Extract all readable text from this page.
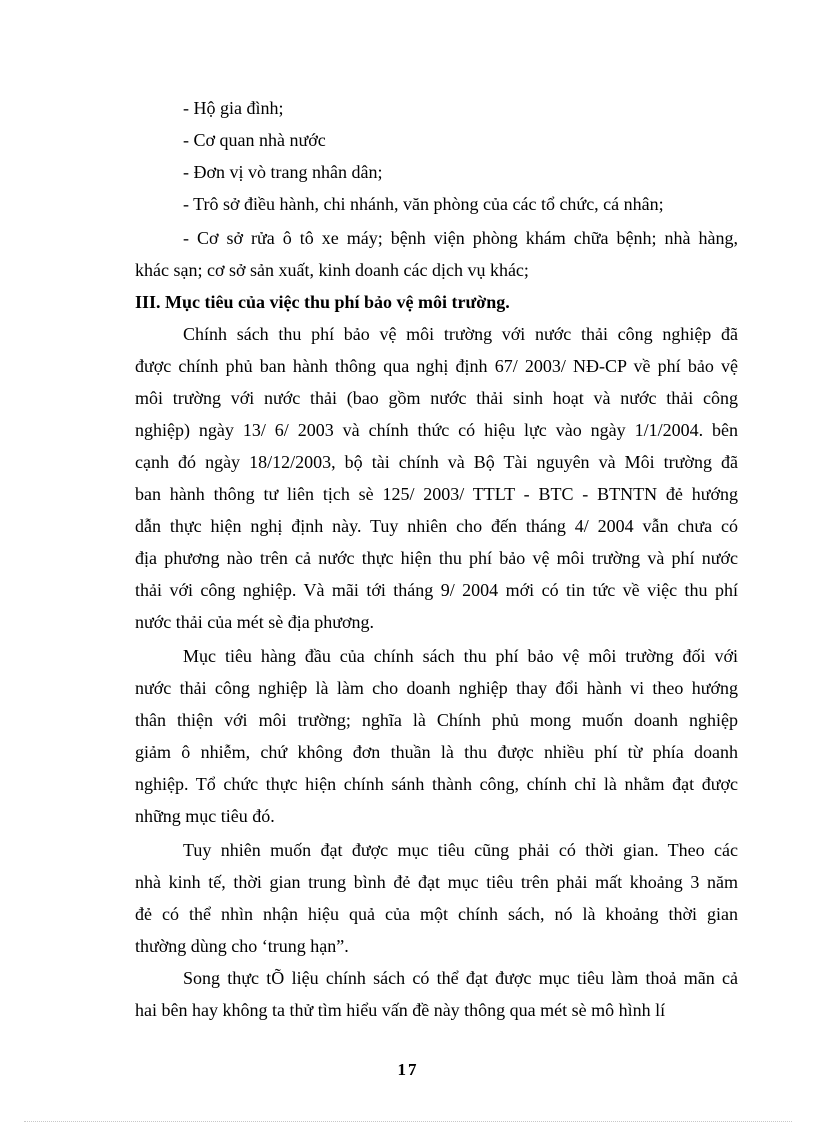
- Hộ gia đình;
- Cơ quan nhà nước
- Đơn vị vò trang nhân dân;
- Trô sở điều hành, chi nhánh, văn phòng của các tổ chức, cá nhân;
- Cơ sở rửa ô tô xe máy; bệnh viện phòng khám chữa bệnh; nhà hàng,
khác sạn; cơ sở sản xuất, kinh doanh các dịch vụ khác;
III. Mục tiêu của việc thu phí bảo vệ môi trường.
Chính sách thu phí bảo vệ môi trường với nước thải công nghiệp đã
được chính phủ ban hành thông qua nghị định 67/ 2003/ NĐ-CP về phí bảo vệ
môi trường với nước thải (bao gồm nước thải sinh hoạt và nước thải công
nghiệp) ngày 13/ 6/ 2003 và chính thức có hiệu lực vào ngày 1/1/2004. bên
cạnh đó ngày 18/12/2003, bộ tài chính và Bộ Tài nguyên và Môi trường đã
ban hành thông tư liên tịch sè 125/ 2003/ TTLT - BTC - BTNTN đẻ hướng
dẫn thực hiện nghị định này. Tuy nhiên cho đến tháng 4/ 2004 vẫn chưa có
địa phương nào trên cả nước thực hiện thu phí bảo vệ môi trường và phí nước
thải với công nghiệp. Và mãi tới tháng 9/ 2004 mới có tin tức về việc thu phí
nước thải của mét sè địa phương.
Mục tiêu hàng đầu của chính sách thu phí bảo vệ môi trường đối với
nước thải công nghiệp là làm cho doanh nghiệp thay đổi hành vi theo hướng
thân thiện với môi trường; nghĩa là Chính phủ mong muốn doanh nghiệp
giảm ô nhiễm, chứ không đơn thuần là thu được nhiều phí từ phía doanh
nghiệp. Tổ chức thực hiện chính sánh thành công, chính chỉ là nhằm đạt được
những mục tiêu đó.
Tuy nhiên muốn đạt được mục tiêu cũng phải có thời gian. Theo các
nhà kinh tế, thời gian trung bình đẻ đạt mục tiêu trên phải mất khoảng 3 năm
đẻ có thể nhìn nhận hiệu quả của một chính sách, nó là khoảng thời gian
thường dùng cho ‘trung hạn”.
Song thực tÕ liệu chính sách có thể đạt được mục tiêu làm thoả mãn cả
hai bên hay không ta thử tìm hiểu vấn đề này thông qua mét sè mô hình lí
17
